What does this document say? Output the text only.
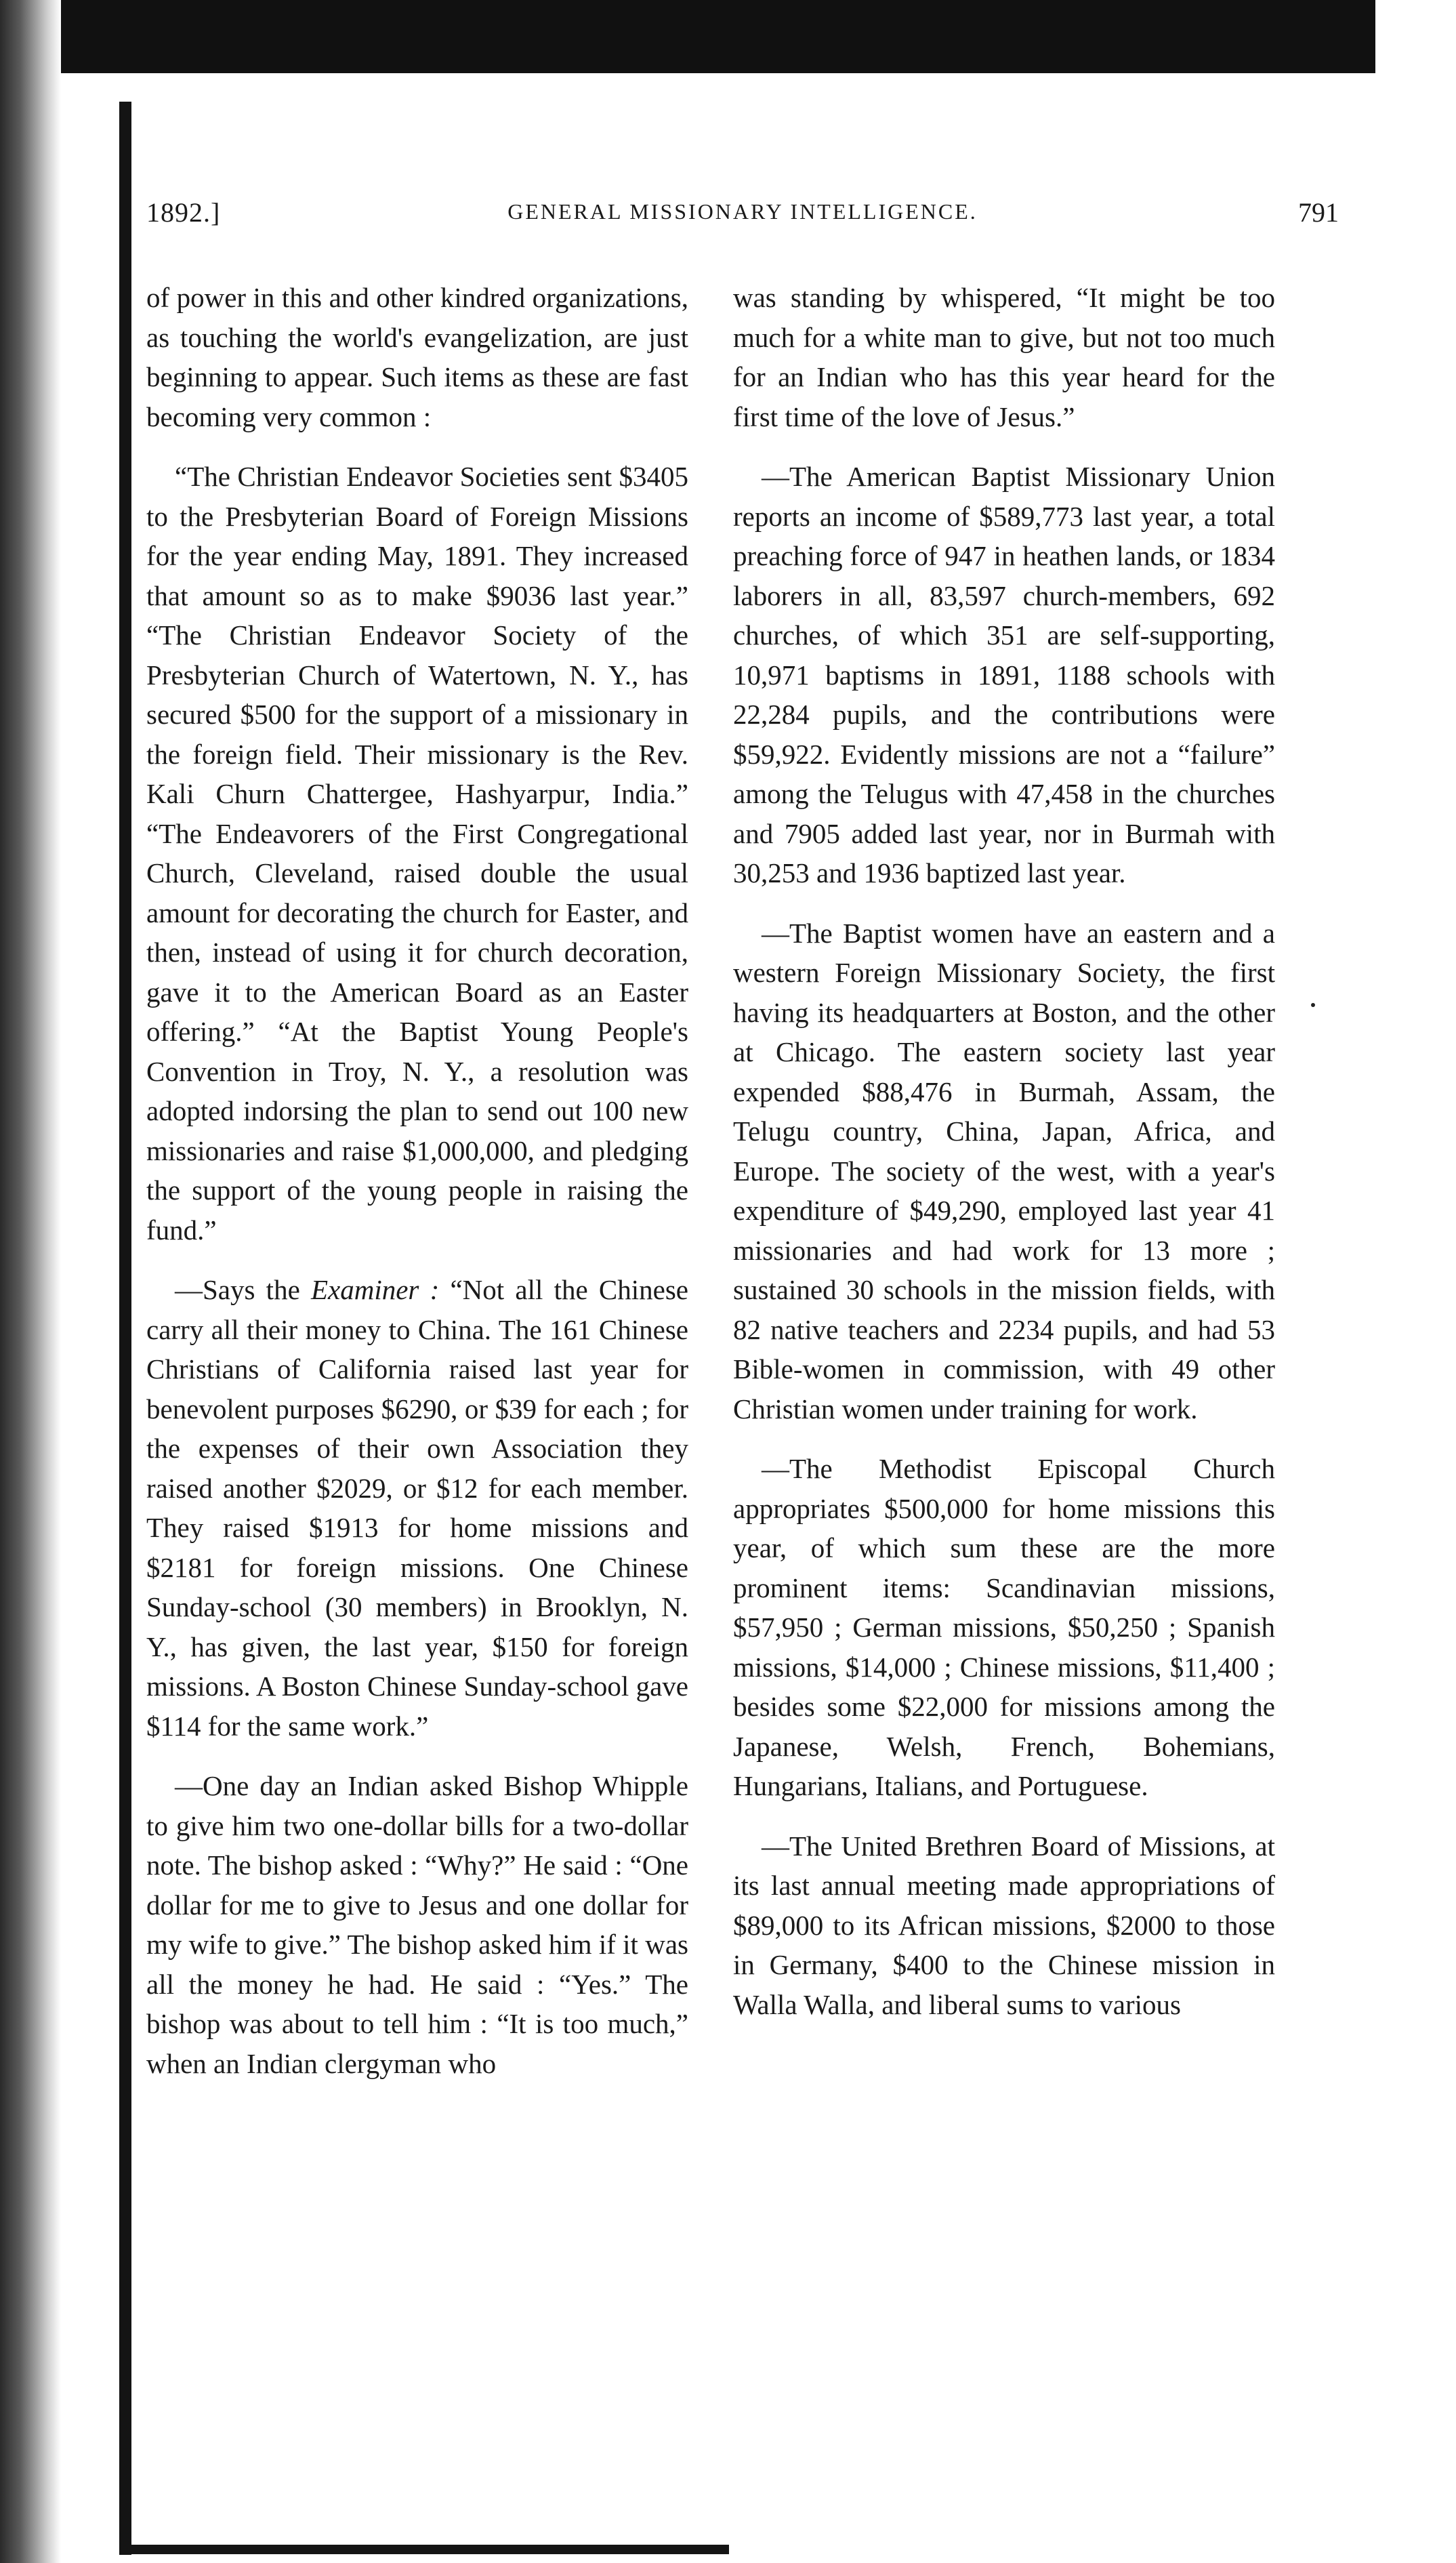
1892.]	GENERAL MISSIONARY INTELLIGENCE.	791

of power in this and other kindred organizations, as touching the world's evangelization, are just beginning to appear. Such items as these are fast becoming very common :

“The Christian Endeavor Societies sent $3405 to the Presbyterian Board of Foreign Missions for the year ending May, 1891. They increased that amount so as to make $9036 last year.” “The Christian Endeavor Society of the Presbyterian Church of Watertown, N. Y., has secured $500 for the support of a missionary in the foreign field. Their missionary is the Rev. Kali Churn Chattergee, Hashyarpur, India.” “The Endeavorers of the First Congregational Church, Cleveland, raised double the usual amount for decorating the church for Easter, and then, instead of using it for church decoration, gave it to the American Board as an Easter offering.” “At the Baptist Young People's Convention in Troy, N. Y., a resolution was adopted indorsing the plan to send out 100 new missionaries and raise $1,000,000, and pledging the support of the young people in raising the fund.”

—Says the Examiner : “Not all the Chinese carry all their money to China. The 161 Chinese Christians of California raised last year for benevolent purposes $6290, or $39 for each ; for the expenses of their own Association they raised another $2029, or $12 for each member. They raised $1913 for home missions and $2181 for foreign missions. One Chinese Sunday-school (30 members) in Brooklyn, N. Y., has given, the last year, $150 for foreign missions. A Boston Chinese Sunday-school gave $114 for the same work.”

—One day an Indian asked Bishop Whipple to give him two one-dollar bills for a two-dollar note. The bishop asked : “Why?” He said : “One dollar for me to give to Jesus and one dollar for my wife to give.” The bishop asked him if it was all the money he had. He said : “Yes.” The bishop was about to tell him : “It is too much,” when an Indian clergyman who

was standing by whispered, “It might be too much for a white man to give, but not too much for an Indian who has this year heard for the first time of the love of Jesus.”

—The American Baptist Missionary Union reports an income of $589,773 last year, a total preaching force of 947 in heathen lands, or 1834 laborers in all, 83,597 church-members, 692 churches, of which 351 are self-supporting, 10,971 baptisms in 1891, 1188 schools with 22,284 pupils, and the contributions were $59,922. Evidently missions are not a “failure” among the Telugus with 47,458 in the churches and 7905 added last year, nor in Burmah with 30,253 and 1936 baptized last year.

—The Baptist women have an eastern and a western Foreign Missionary Society, the first having its headquarters at Boston, and the other at Chicago. The eastern society last year expended $88,476 in Burmah, Assam, the Telugu country, China, Japan, Africa, and Europe. The society of the west, with a year's expenditure of $49,290, employed last year 41 missionaries and had work for 13 more ; sustained 30 schools in the mission fields, with 82 native teachers and 2234 pupils, and had 53 Bible-women in commission, with 49 other Christian women under training for work.

—The Methodist Episcopal Church appropriates $500,000 for home missions this year, of which sum these are the more prominent items: Scandinavian missions, $57,950 ; German missions, $50,250 ; Spanish missions, $14,000 ; Chinese missions, $11,400 ; besides some $22,000 for missions among the Japanese, Welsh, French, Bohemians, Hungarians, Italians, and Portuguese.

—The United Brethren Board of Missions, at its last annual meeting made appropriations of $89,000 to its African missions, $2000 to those in Germany, $400 to the Chinese mission in Walla Walla, and liberal sums to various
